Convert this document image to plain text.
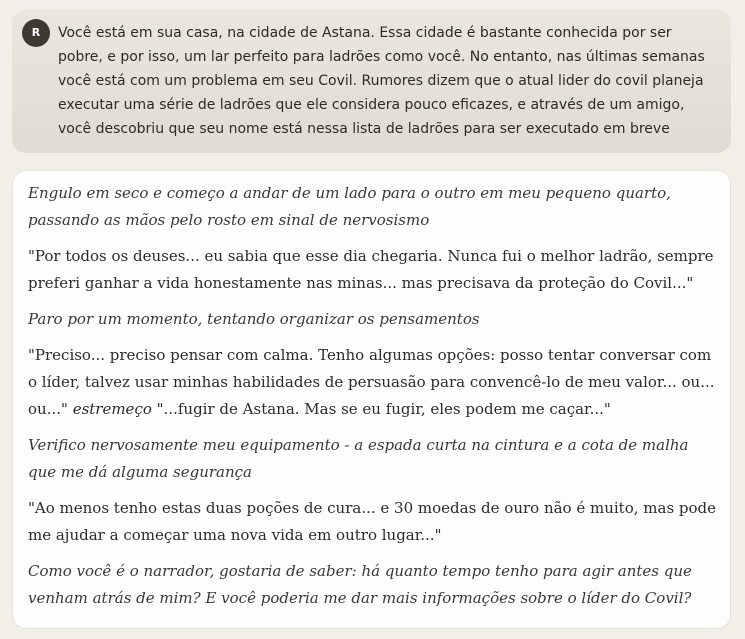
R	Você está em sua casa, na cidade de Astana. Essa cidade é bastante conhecida por ser pobre, e por isso, um lar perfeito para ladrões como você. No entanto, nas últimas semanas você está com um problema em seu Covil. Rumores dizem que o atual lider do covil planeja executar uma série de ladrões que ele considera pouco eficazes, e através de um amigo, você descobriu que seu nome está nessa lista de ladrões para ser executado em breve

Engulo em seco e começo a andar de um lado para o outro em meu pequeno quarto, passando as mãos pelo rosto em sinal de nervosismo

"Por todos os deuses... eu sabia que esse dia chegaria. Nunca fui o melhor ladrão, sempre preferi ganhar a vida honestamente nas minas... mas precisava da proteção do Covil..."

Paro por um momento, tentando organizar os pensamentos

"Preciso... preciso pensar com calma. Tenho algumas opções: posso tentar conversar com o líder, talvez usar minhas habilidades de persuasão para convencê-lo de meu valor... ou... ou..." estremeço "...fugir de Astana. Mas se eu fugir, eles podem me caçar..."

Verifico nervosamente meu equipamento - a espada curta na cintura e a cota de malha que me dá alguma segurança

"Ao menos tenho estas duas poções de cura... e 30 moedas de ouro não é muito, mas pode me ajudar a começar uma nova vida em outro lugar..."

Como você é o narrador, gostaria de saber: há quanto tempo tenho para agir antes que venham atrás de mim? E você poderia me dar mais informações sobre o líder do Covil?
